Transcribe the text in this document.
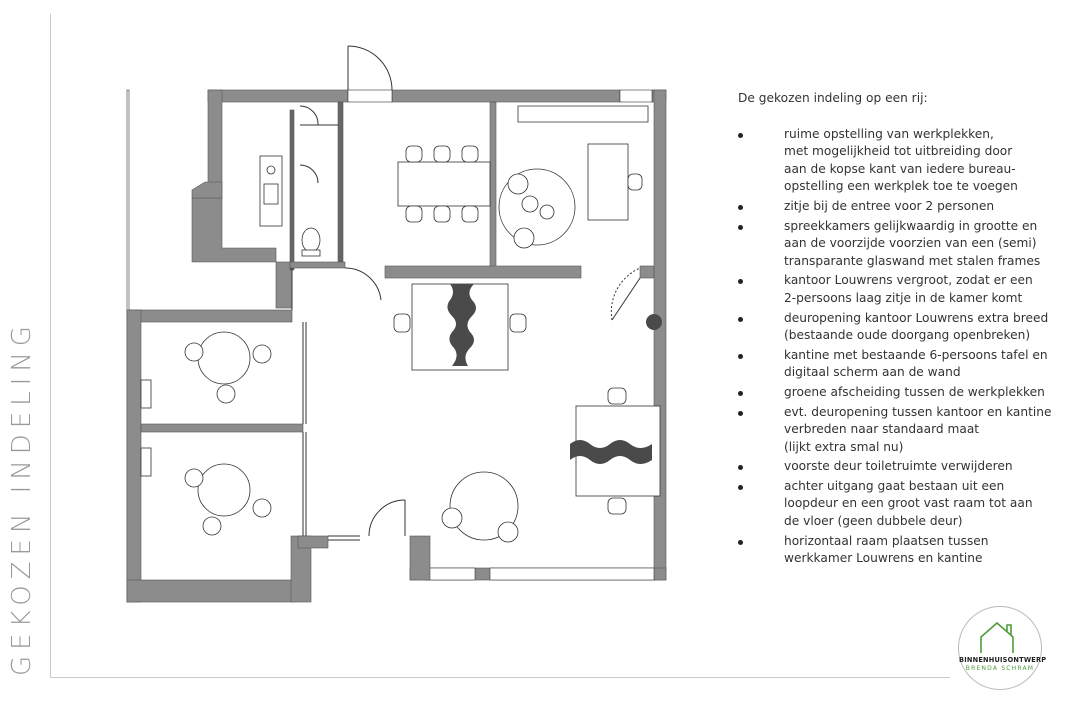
GEKOZEN INDELING
De gekozen indeling op een rij:
ruime opstelling van werkplekken,
met mogelijkheid tot uitbreiding door
aan de kopse kant van iedere bureau-
opstelling een werkplek toe te voegen
zitje bij de entree voor 2 personen
spreekkamers gelijkwaardig in grootte en
aan de voorzijde voorzien van een (semi)
transparante glaswand met stalen frames
kantoor Louwrens vergroot, zodat er een
2-persoons laag zitje in de kamer komt
deuropening kantoor Louwrens extra breed
(bestaande oude doorgang openbreken)
kantine met bestaande 6-persoons tafel en
digitaal scherm aan de wand
groene afscheiding tussen de werkplekken
evt. deuropening tussen kantoor en kantine
verbreden naar standaard maat
(lijkt extra smal nu)
voorste deur toiletruimte verwijderen
achter uitgang gaat bestaan uit een
loopdeur en een groot vast raam tot aan
de vloer (geen dubbele deur)
horizontaal raam plaatsen tussen
werkkamer Louwrens en kantine
BINNENHUISONTWERP
BRENDA SCHRAM
